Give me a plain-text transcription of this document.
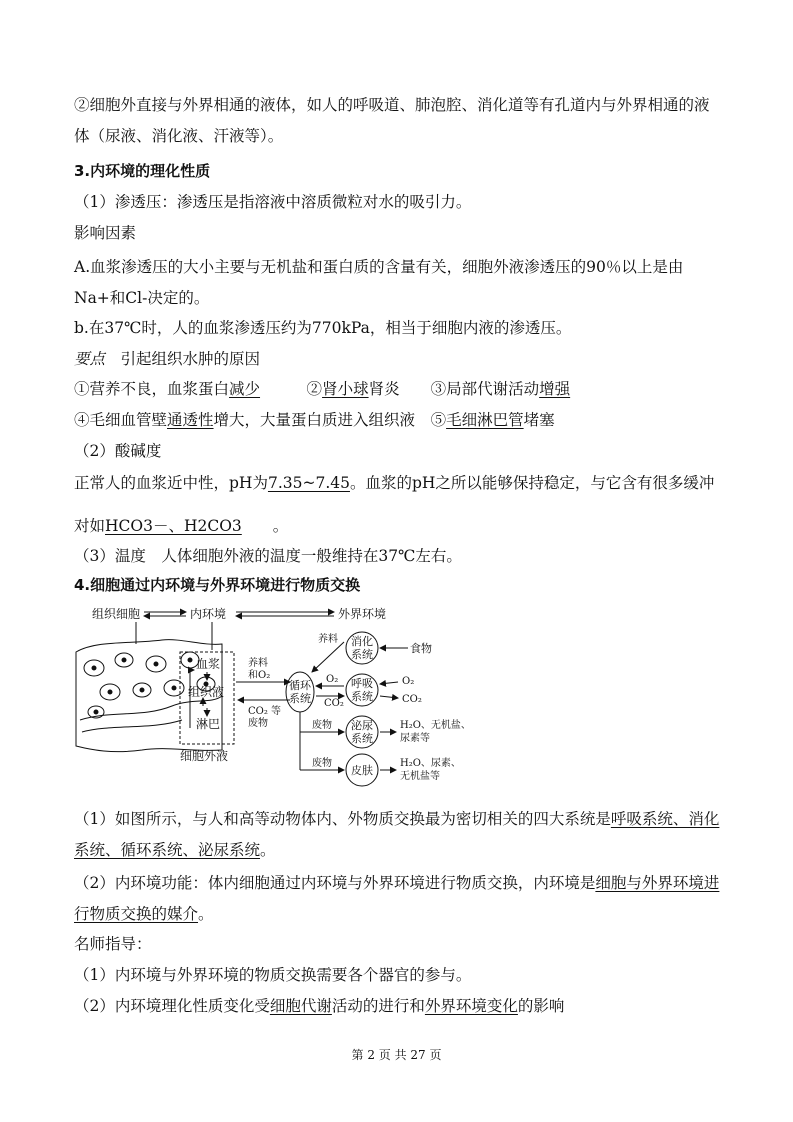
②细胞外直接与外界相通的液体，如人的呼吸道、肺泡腔、消化道等有孔道内与外界相通的液体（尿液、消化液、汗液等）。
3.内环境的理化性质
（1）渗透压：渗透压是指溶液中溶质微粒对水的吸引力。
影响因素
A.血浆渗透压的大小主要与无机盐和蛋白质的含量有关，细胞外液渗透压的90％以上是由Na+和Cl-决定的。
b.在37℃时，人的血浆渗透压约为770kPa，相当于细胞内液的渗透压。
要点　 引起组织水肿的原因
①营养不良，血浆蛋白减少　　　	②肾小球肾炎　　 ③局部代谢活动增强
④毛细血管壁通透性增大，大量蛋白质进入组织液　 ⑤毛细淋巴管堵塞
（2）酸碱度
正常人的血浆近中性，pH为7.35~7.45。血浆的pH之所以能够保持稳定，与它含有很多缓冲
对如HCO3－、H2CO3　　 。
（3）温度　人体细胞外液的温度一般维持在37℃左右。
4.细胞通过内环境与外界环境进行物质交换
组织细胞	内环境	外界环境
血浆
组织液
淋巴
细胞外液
养料
和O₂
CO₂ 等
废物
循环
系统
消化
系统
呼吸
系统
泌尿
系统
皮肤
养料
食物
O₂
CO₂
O₂
CO₂
废物
废物
H₂O、无机盐、
尿素等
H₂O、尿素、
无机盐等
（1）如图所示，与人和高等动物体内、外物质交换最为密切相关的四大系统是呼吸系统、消化系统、循环系统、泌尿系统。
（2）内环境功能：体内细胞通过内环境与外界环境进行物质交换，内环境是细胞与外界环境进行物质交换的媒介。
名师指导：
（1）内环境与外界环境的物质交换需要各个器官的参与。
（2）内环境理化性质变化受细胞代谢活动的进行和外界环境变化的影响
第 2 页 共 27 页
